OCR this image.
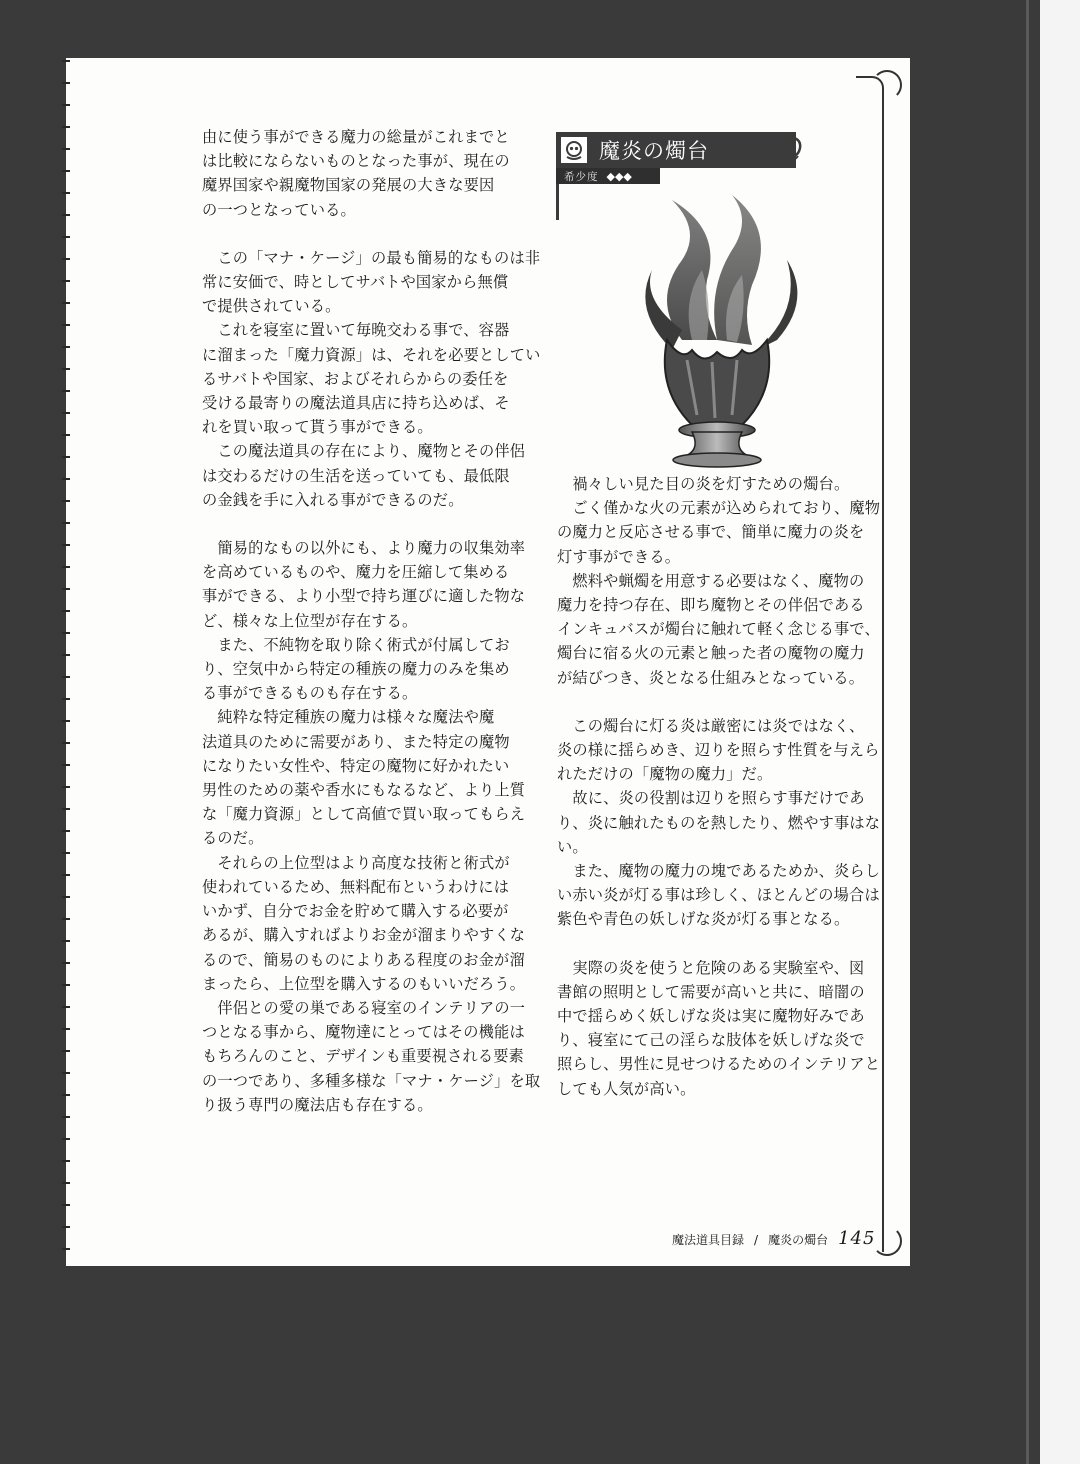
由に使う事ができる魔力の総量がこれまでと

は比較にならないものとなった事が、現在の

魔界国家や親魔物国家の発展の大きな要因

の一つとなっている。

　この「マナ・ケージ」の最も簡易的なものは非

常に安価で、時としてサバトや国家から無償

で提供されている。

　これを寝室に置いて毎晩交わる事で、容器

に溜まった「魔力資源」は、それを必要としてい

るサバトや国家、およびそれらからの委任を

受ける最寄りの魔法道具店に持ち込めば、そ

れを買い取って貰う事ができる。

　この魔法道具の存在により、魔物とその伴侶

は交わるだけの生活を送っていても、最低限

の金銭を手に入れる事ができるのだ。

　簡易的なもの以外にも、より魔力の収集効率

を高めているものや、魔力を圧縮して集める

事ができる、より小型で持ち運びに適した物な

ど、様々な上位型が存在する。

　また、不純物を取り除く術式が付属してお

り、空気中から特定の種族の魔力のみを集め

る事ができるものも存在する。

　純粋な特定種族の魔力は様々な魔法や魔

法道具のために需要があり、また特定の魔物

になりたい女性や、特定の魔物に好かれたい

男性のための薬や香水にもなるなど、より上質

な「魔力資源」として高値で買い取ってもらえ

るのだ。

　それらの上位型はより高度な技術と術式が

使われているため、無料配布というわけには

いかず、自分でお金を貯めて購入する必要が

あるが、購入すればよりお金が溜まりやすくな

るので、簡易のものによりある程度のお金が溜

まったら、上位型を購入するのもいいだろう。

　伴侶との愛の巣である寝室のインテリアの一

つとなる事から、魔物達にとってはその機能は

もちろんのこと、デザインも重要視される要素

の一つであり、多種多様な「マナ・ケージ」を取

り扱う専門の魔法店も存在する。

魔炎の燭台
希少度 ◆◆◆

　禍々しい見た目の炎を灯すための燭台。

　ごく僅かな火の元素が込められており、魔物

の魔力と反応させる事で、簡単に魔力の炎を

灯す事ができる。

　燃料や蝋燭を用意する必要はなく、魔物の

魔力を持つ存在、即ち魔物とその伴侶である

インキュバスが燭台に触れて軽く念じる事で、

燭台に宿る火の元素と触った者の魔物の魔力

が結びつき、炎となる仕組みとなっている。

　この燭台に灯る炎は厳密には炎ではなく、

炎の様に揺らめき、辺りを照らす性質を与えら

れただけの「魔物の魔力」だ。

　故に、炎の役割は辺りを照らす事だけであ

り、炎に触れたものを熱したり、燃やす事はな

い。

　また、魔物の魔力の塊であるためか、炎らし

い赤い炎が灯る事は珍しく、ほとんどの場合は

紫色や青色の妖しげな炎が灯る事となる。

　実際の炎を使うと危険のある実験室や、図

書館の照明として需要が高いと共に、暗闇の

中で揺らめく妖しげな炎は実に魔物好みであ

り、寝室にて己の淫らな肢体を妖しげな炎で

照らし、男性に見せつけるためのインテリアと

しても人気が高い。

魔法道具目録 / 魔炎の燭台 145
